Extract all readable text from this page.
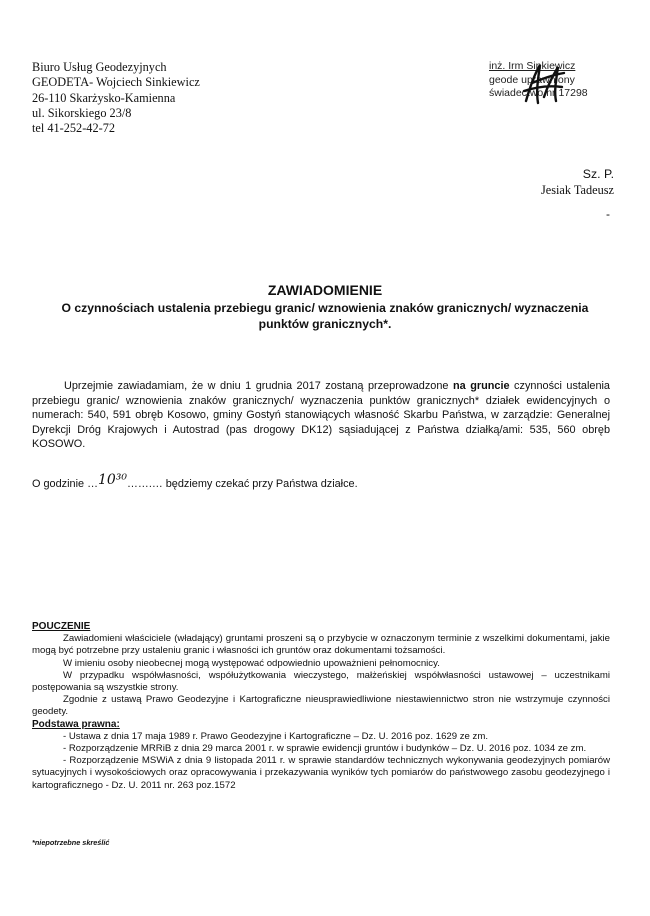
Biuro Usług Geodezyjnych
GEODETA- Wojciech Sinkiewicz
26-110 Skarżysko-Kamienna
ul. Sikorskiego 23/8
tel 41-252-42-72
inż. Irm Sinkiewicz
geode uprawniony
świadectwo nr 17298
Sz. P.
Jesiak Tadeusz
-
ZAWIADOMIENIE
O czynnościach ustalenia przebiegu granic/ wznowienia znaków granicznych/ wyznaczenia punktów granicznych*.
Uprzejmie zawiadamiam, że w dniu 1 grudnia 2017 zostaną przeprowadzone na gruncie czynności ustalenia przebiegu granic/ wznowienia znaków granicznych/ wyznaczenia punktów granicznych* działek ewidencyjnych o numerach: 540, 591 obręb Kosowo, gminy Gostyń stanowiących własność Skarbu Państwa, w zarządzie: Generalnej Dyrekcji Dróg Krajowych i Autostrad (pas drogowy DK12) sąsiadującej z Państwa działką/ami: 535, 560 obręb KOSOWO.
O godzinie …10³⁰…….… będziemy czekać przy Państwa działce.
POUCZENIE

Zawiadomieni właściciele (władający) gruntami proszeni są o przybycie w oznaczonym terminie z wszelkimi dokumentami, jakie mogą być potrzebne przy ustaleniu granic i własności ich gruntów oraz dokumentami tożsamości.

W imieniu osoby nieobecnej mogą występować odpowiednio upoważnieni pełnomocnicy.

W przypadku współwłasności, współużytkowania wieczystego, małżeńskiej współwłasności ustawowej – uczestnikami postępowania są wszystkie strony.

Zgodnie z ustawą Prawo Geodezyjne i Kartograficzne nieusprawiedliwione niestawiennictwo stron nie wstrzymuje czynności geodety.

Podstawa prawna:

- Ustawa z dnia 17 maja 1989 r. Prawo Geodezyjne i Kartograficzne – Dz. U. 2016 poz. 1629 ze zm.

- Rozporządzenie MRRiB z dnia 29 marca 2001 r. w sprawie ewidencji gruntów i budynków – Dz. U. 2016 poz. 1034 ze zm.

- Rozporządzenie MSWiA z dnia 9 listopada 2011 r. w sprawie standardów technicznych wykonywania geodezyjnych pomiarów sytuacyjnych i wysokościowych oraz opracowywania i przekazywania wyników tych pomiarów do państwowego zasobu geodezyjnego i kartograficznego - Dz. U. 2011 nr. 263 poz.1572

*niepotrzebne skreślić
